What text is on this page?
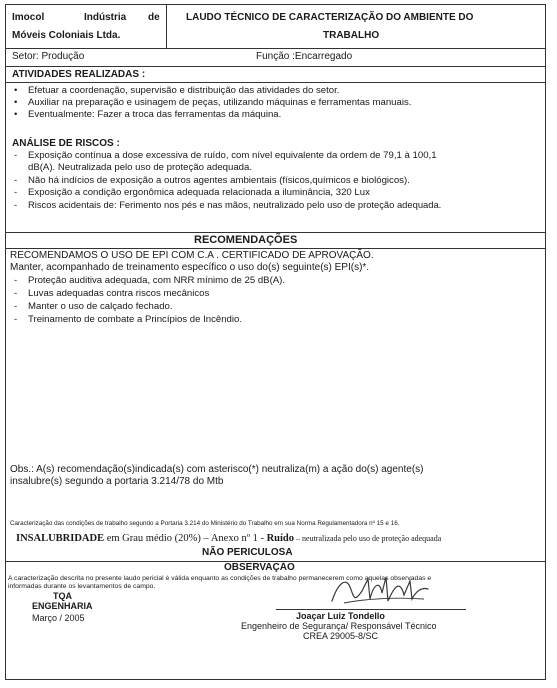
Imocol	Indústria de
Móveis Coloniais Ltda.
LAUDO TÉCNICO DE CARACTERIZAÇÃO DO AMBIENTE DO
TRABALHO
Setor: Produção	Função :Encarregado
ATIVIDADES REALIZADAS :
• Efetuar a coordenação, supervisão e distribuição das atividades do setor.
• Auxiliar na preparação e usinagem de peças, utilizando máquinas e ferramentas manuais.
• Eventualmente: Fazer a troca das ferramentas da máquina.
ANÁLISE DE RISCOS :
- Exposição contínua a dose excessiva de ruído, com nível equivalente da ordem de 79,1 à 100,1
dB(A). Neutralizada pelo uso de proteção adequada.
- Não há indícios de exposição a outros agentes ambientais (físicos,químicos e biológicos).
- Exposição a condição ergonômica adequada relacionada a iluminância, 320 Lux
- Riscos acidentais de: Ferimento nos pés e nas mãos, neutralizado pelo uso de proteção adequada.
RECOMENDAÇÕES
RECOMENDAMOS O USO DE EPI COM C.A . CERTIFICADO DE APROVAÇÃO.
Manter, acompanhado de treinamento específico o uso do(s) seguinte(s) EPI(s)*.
- Proteção auditiva adequada, com NRR mínimo de 25 dB(A).
- Luvas adequadas contra riscos mecânicos
- Manter o uso de calçado fechado.
- Treinamento de combate a Princípios de Incêndio.
Obs.: A(s) recomendação(s)indicada(s) com asterisco(*) neutraliza(m) a ação do(s) agente(s)
insalubre(s) segundo a portaria 3.214/78 do Mtb
Caracterização das condições de trabalho segundo a Portaria 3.214 do Ministério do Trabalho em sua Norma Regulamentadora nº 15 e 16.
INSALUBRIDADE em Grau médio (20%) – Anexo nº 1 - Ruído – neutralizada pelo uso de proteção adequada
NÃO PERICULOSA
OBSERVAÇÃO
A caracterização descrita no presente laudo pericial é válida enquanto as condições de trabalho permanecerem como aquelas observadas e
informadas durante os levantamentos de campo.
TQA
ENGENHARIA
Março / 2005	Joaçar Luiz Tondello
Engenheiro de Segurança/ Responsável Técnico
CREA 29005-8/SC
